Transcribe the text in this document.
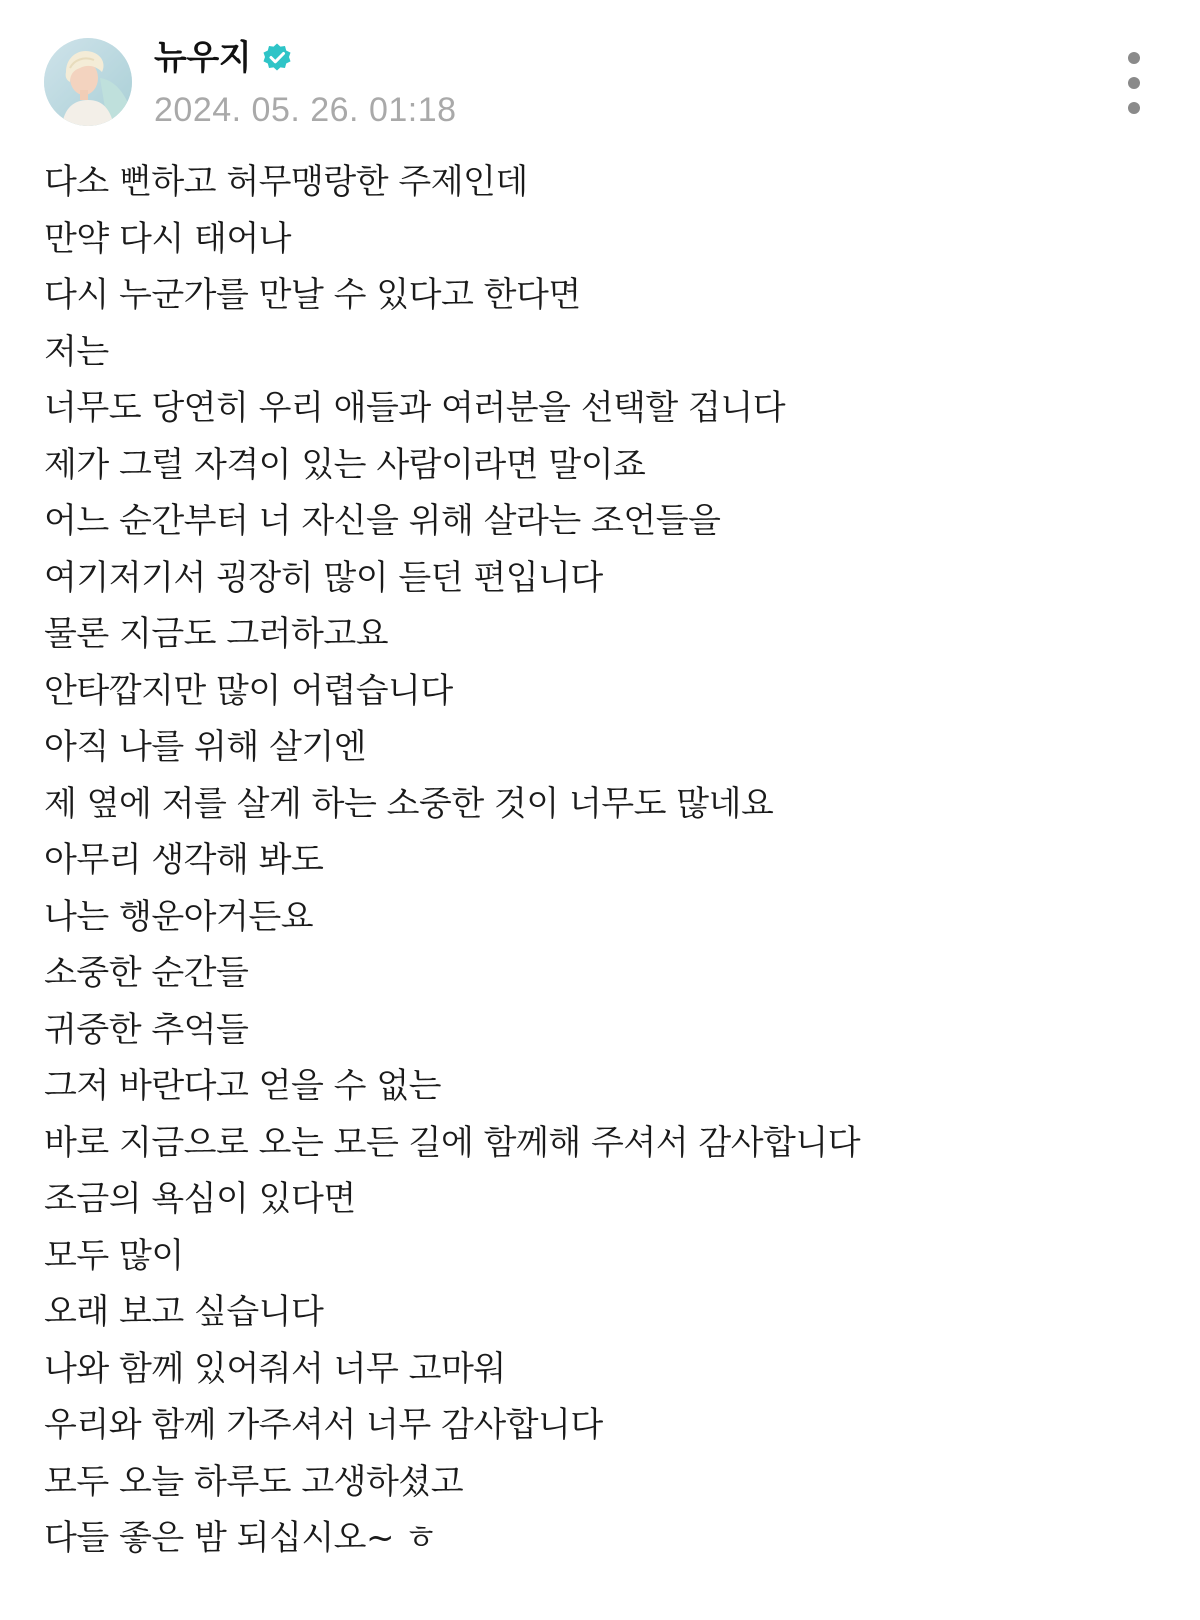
뉴우지
2024. 05. 26. 01:18
다소 뻔하고 허무맹랑한 주제인데
만약 다시 태어나
다시 누군가를 만날 수 있다고 한다면
저는
너무도 당연히 우리 애들과 여러분을 선택할 겁니다
제가 그럴 자격이 있는 사람이라면 말이죠
어느 순간부터 너 자신을 위해 살라는 조언들을
여기저기서 굉장히 많이 듣던 편입니다
물론 지금도 그러하고요
안타깝지만 많이 어렵습니다
아직 나를 위해 살기엔
제 옆에 저를 살게 하는 소중한 것이 너무도 많네요
아무리 생각해 봐도
나는 행운아거든요
소중한 순간들
귀중한 추억들
그저 바란다고 얻을 수 없는
바로 지금으로 오는 모든 길에 함께해 주셔서 감사합니다
조금의 욕심이 있다면
모두 많이
오래 보고 싶습니다
나와 함께 있어줘서 너무 고마워
우리와 함께 가주셔서 너무 감사합니다
모두 오늘 하루도 고생하셨고
다들 좋은 밤 되십시오~ ㅎ
